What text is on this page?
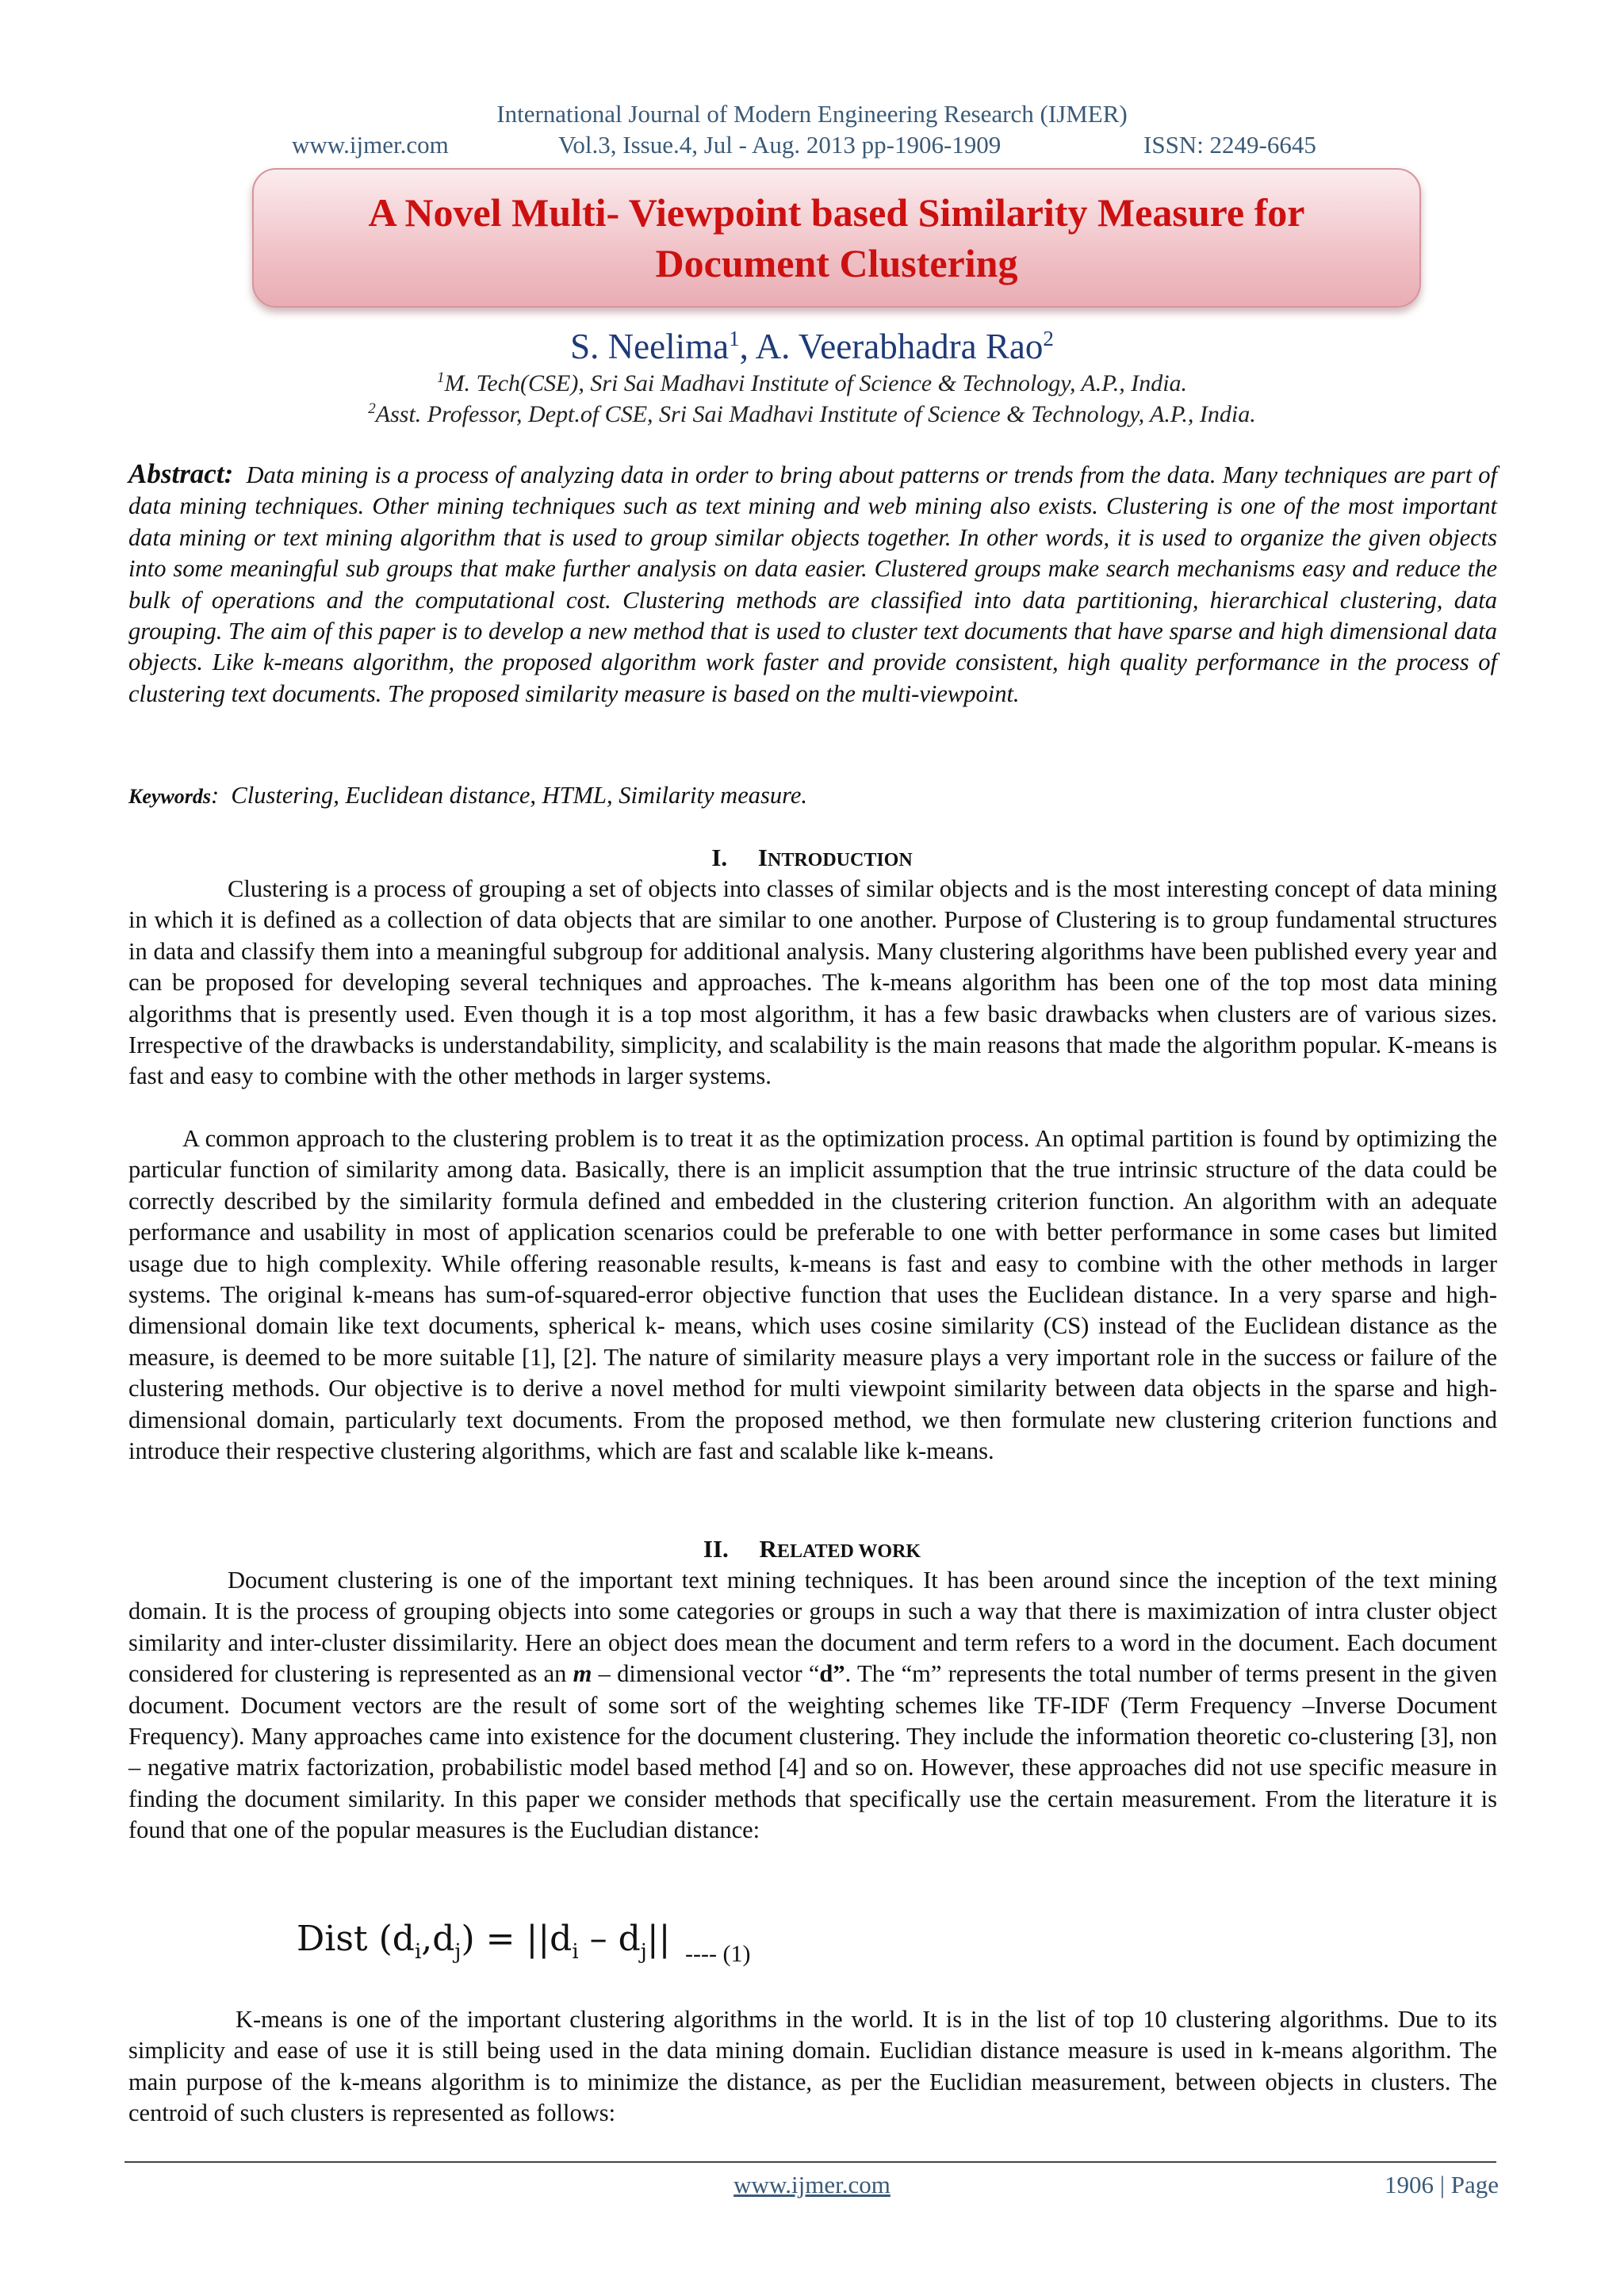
International Journal of Modern Engineering Research (IJMER)
www.ijmer.com	Vol.3, Issue.4, Jul - Aug. 2013 pp-1906-1909	ISSN: 2249-6645
A Novel Multi- Viewpoint based Similarity Measure for
Document Clustering
S. Neelima$^1$, A. Veerabhadra Rao$^2$
$^1$M. Tech(CSE), Sri Sai Madhavi Institute of Science & Technology, A.P., India.
$^2$Asst. Professor, Dept.of CSE, Sri Sai Madhavi Institute of Science & Technology, A.P., India.
Abstract: Data mining is a process of analyzing data in order to bring about patterns or trends from the data. Many techniques are part of data mining techniques. Other mining techniques such as text mining and web mining also exists. Clustering is one of the most important data mining or text mining algorithm that is used to group similar objects together. In other words, it is used to organize the given objects into some meaningful sub groups that make further analysis on data easier. Clustered groups make search mechanisms easy and reduce the bulk of operations and the computational cost. Clustering methods are classified into data partitioning, hierarchical clustering, data grouping. The aim of this paper is to develop a new method that is used to cluster text documents that have sparse and high dimensional data objects. Like k-means algorithm, the proposed algorithm work faster and provide consistent, high quality performance in the process of clustering text documents. The proposed similarity measure is based on the multi-viewpoint.
Keywords: Clustering, Euclidean distance, HTML, Similarity measure.
I. INTRODUCTION
Clustering is a process of grouping a set of objects into classes of similar objects and is the most interesting concept of data mining in which it is defined as a collection of data objects that are similar to one another. Purpose of Clustering is to group fundamental structures in data and classify them into a meaningful subgroup for additional analysis. Many clustering algorithms have been published every year and can be proposed for developing several techniques and approaches. The k-means algorithm has been one of the top most data mining algorithms that is presently used. Even though it is a top most algorithm, it has a few basic drawbacks when clusters are of various sizes. Irrespective of the drawbacks is understandability, simplicity, and scalability is the main reasons that made the algorithm popular. K-means is fast and easy to combine with the other methods in larger systems.
A common approach to the clustering problem is to treat it as the optimization process. An optimal partition is found by optimizing the particular function of similarity among data. Basically, there is an implicit assumption that the true intrinsic structure of the data could be correctly described by the similarity formula defined and embedded in the clustering criterion function. An algorithm with an adequate performance and usability in most of application scenarios could be preferable to one with better performance in some cases but limited usage due to high complexity. While offering reasonable results, k-means is fast and easy to combine with the other methods in larger systems. The original k-means has sum-of-squared-error objective function that uses the Euclidean distance. In a very sparse and high-dimensional domain like text documents, spherical k- means, which uses cosine similarity (CS) instead of the Euclidean distance as the measure, is deemed to be more suitable [1], [2]. The nature of similarity measure plays a very important role in the success or failure of the clustering methods. Our objective is to derive a novel method for multi viewpoint similarity between data objects in the sparse and high-dimensional domain, particularly text documents. From the proposed method, we then formulate new clustering criterion functions and introduce their respective clustering algorithms, which are fast and scalable like k-means.
II. RELATED WORK
Document clustering is one of the important text mining techniques. It has been around since the inception of the text mining domain. It is the process of grouping objects into some categories or groups in such a way that there is maximization of intra cluster object similarity and inter-cluster dissimilarity. Here an object does mean the document and term refers to a word in the document. Each document considered for clustering is represented as an m – dimensional vector “d”. The “m” represents the total number of terms present in the given document. Document vectors are the result of some sort of the weighting schemes like TF-IDF (Term Frequency –Inverse Document Frequency). Many approaches came into existence for the document clustering. They include the information theoretic co-clustering [3], non – negative matrix factorization, probabilistic model based method [4] and so on. However, these approaches did not use specific measure in finding the document similarity. In this paper we consider methods that specifically use the certain measurement. From the literature it is found that one of the popular measures is the Eucludian distance:
Dist $(d_i,d_j) = ||d_i - d_j||$ ---- (1)
K-means is one of the important clustering algorithms in the world. It is in the list of top 10 clustering algorithms. Due to its simplicity and ease of use it is still being used in the data mining domain. Euclidian distance measure is used in k-means algorithm. The main purpose of the k-means algorithm is to minimize the distance, as per the Euclidian measurement, between objects in clusters. The centroid of such clusters is represented as follows:
www.ijmer.com	1906 | Page
